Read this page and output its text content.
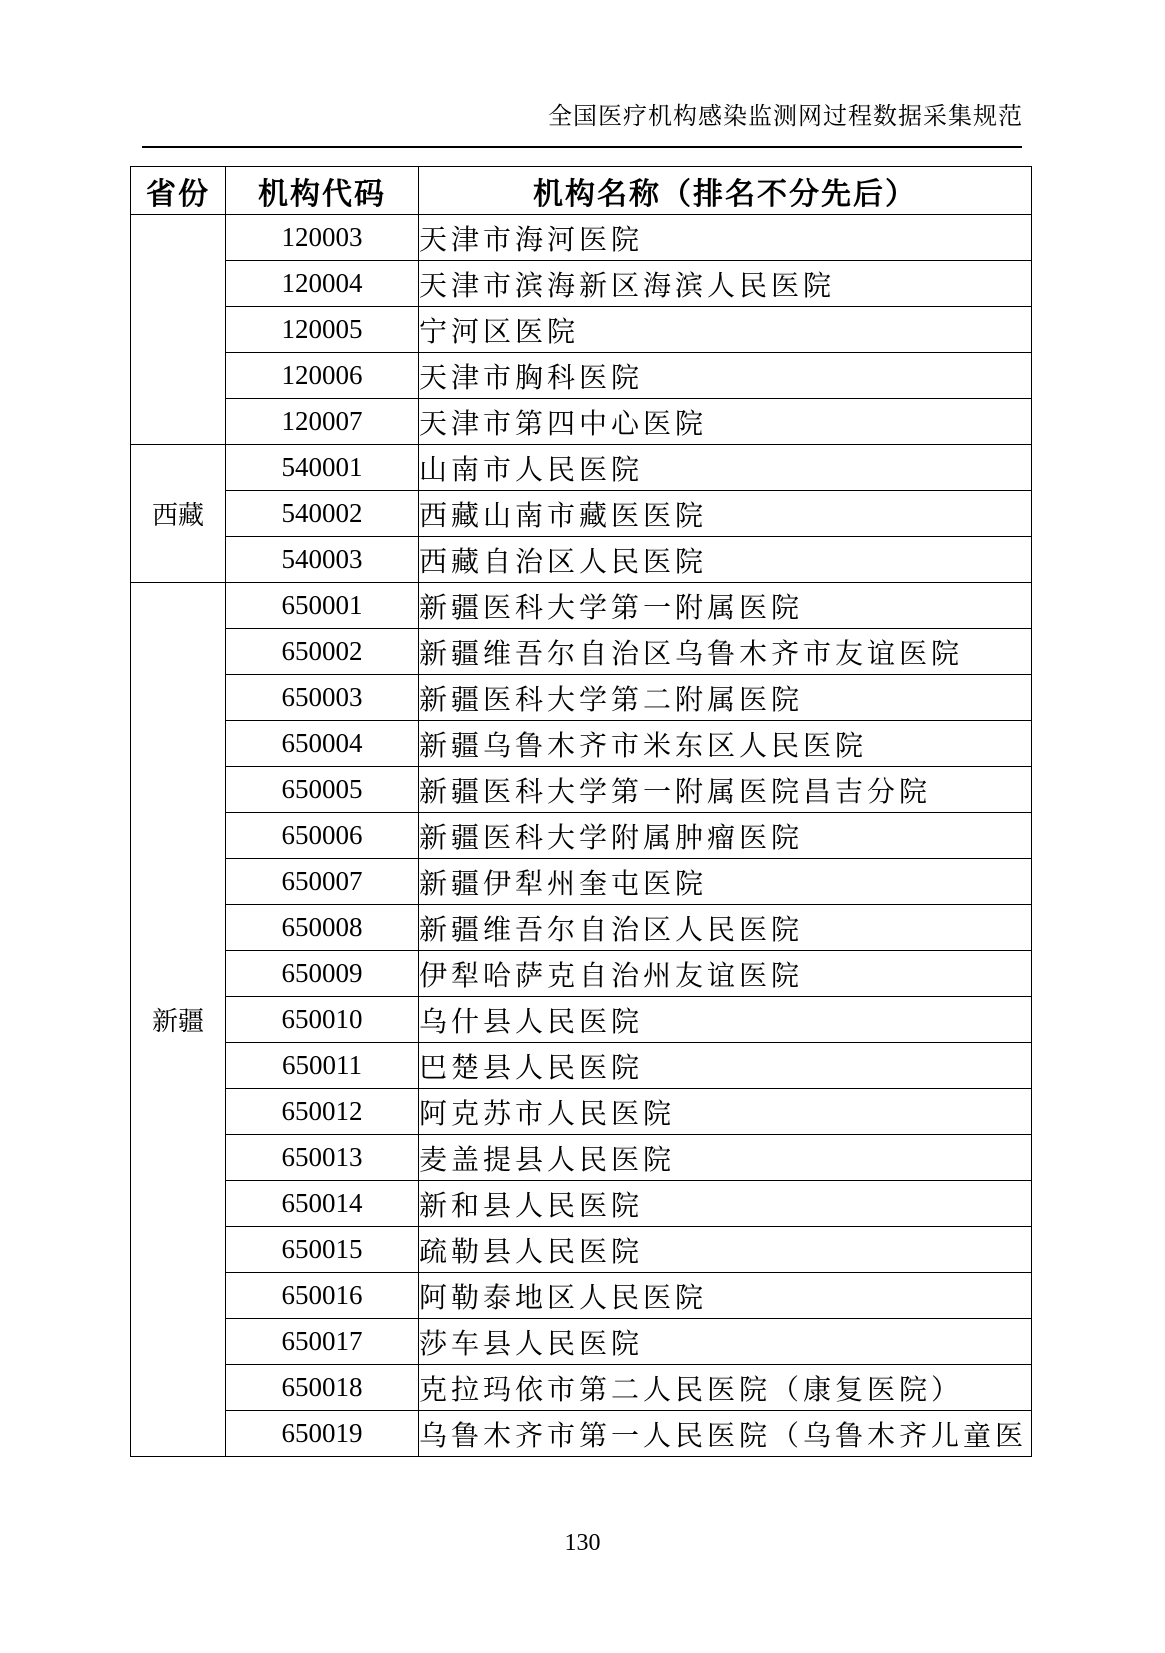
全国医疗机构感染监测网过程数据采集规范
省份	机构代码	机构名称（排名不分先后）
	120003	天津市海河医院
	120004	天津市滨海新区海滨人民医院
	120005	宁河区医院
	120006	天津市胸科医院
	120007	天津市第四中心医院
西藏	540001	山南市人民医院
	540002	西藏山南市藏医医院
	540003	西藏自治区人民医院
新疆	650001	新疆医科大学第一附属医院
	650002	新疆维吾尔自治区乌鲁木齐市友谊医院
	650003	新疆医科大学第二附属医院
	650004	新疆乌鲁木齐市米东区人民医院
	650005	新疆医科大学第一附属医院昌吉分院
	650006	新疆医科大学附属肿瘤医院
	650007	新疆伊犁州奎屯医院
	650008	新疆维吾尔自治区人民医院
	650009	伊犁哈萨克自治州友谊医院
	650010	乌什县人民医院
	650011	巴楚县人民医院
	650012	阿克苏市人民医院
	650013	麦盖提县人民医院
	650014	新和县人民医院
	650015	疏勒县人民医院
	650016	阿勒泰地区人民医院
	650017	莎车县人民医院
	650018	克拉玛依市第二人民医院（康复医院）
	650019	乌鲁木齐市第一人民医院（乌鲁木齐儿童医
130
